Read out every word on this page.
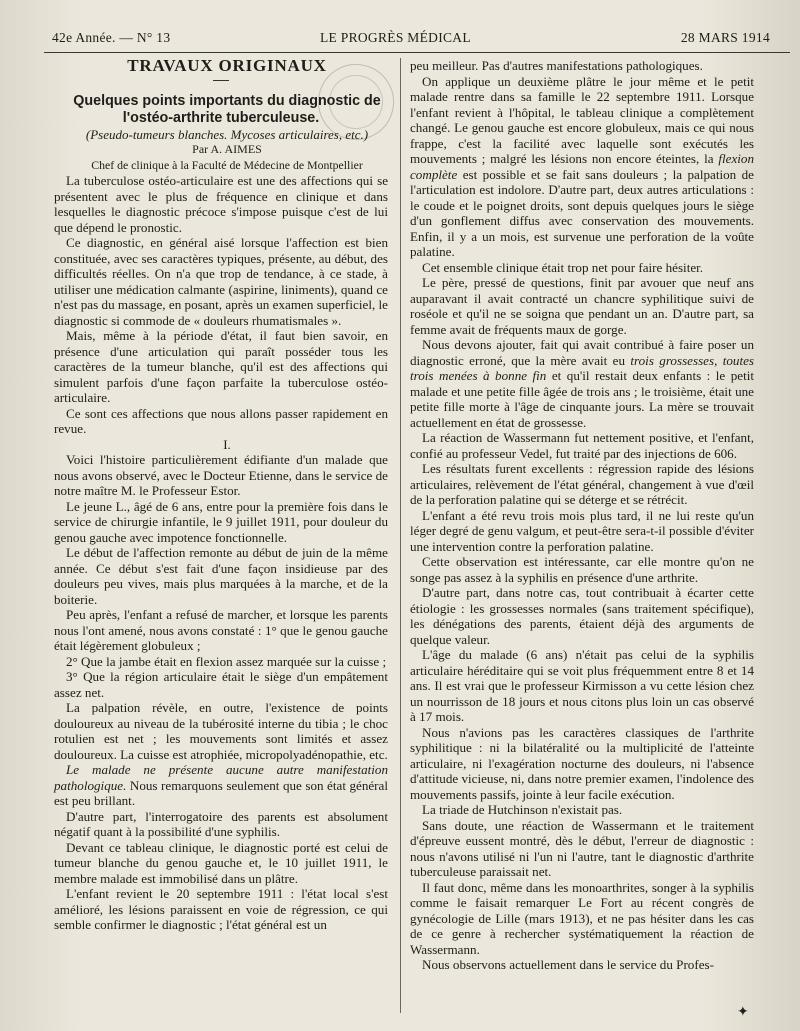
42e Année. — N° 13	LE PROGRÈS MÉDICAL	28 MARS 1914

TRAVAUX ORIGINAUX

Quelques points importants du diagnostic de
l'ostéo-arthrite tuberculeuse.

(Pseudo-tumeurs blanches. Mycoses articulaires, etc.)

Par A. AIMES

Chef de clinique à la Faculté de Médecine de Montpellier

La tuberculose ostéo-articulaire est une des affections qui se présentent avec le plus de fréquence en clinique et dans lesquelles le diagnostic précoce s'impose puisque c'est de lui que dépend le pronostic.

Ce diagnostic, en général aisé lorsque l'affection est bien constituée, avec ses caractères typiques, présente, au début, des difficultés réelles. On n'a que trop de tendance, à ce stade, à utiliser une médication calmante (aspirine, liniments), quand ce n'est pas du massage, en posant, après un examen superficiel, le diagnostic si commode de « douleurs rhumatismales ».

Mais, même à la période d'état, il faut bien savoir, en présence d'une articulation qui paraît posséder tous les caractères de la tumeur blanche, qu'il est des affections qui simulent parfois d'une façon parfaite la tuberculose ostéo-articulaire.

Ce sont ces affections que nous allons passer rapidement en revue.

I.

Voici l'histoire particulièrement édifiante d'un malade que nous avons observé, avec le Docteur Etienne, dans le service de notre maître M. le Professeur Estor.

Le jeune L., âgé de 6 ans, entre pour la première fois dans le service de chirurgie infantile, le 9 juillet 1911, pour douleur du genou gauche avec impotence fonctionnelle.

Le début de l'affection remonte au début de juin de la même année. Ce début s'est fait d'une façon insidieuse par des douleurs peu vives, mais plus marquées à la marche, et de la boiterie.

Peu après, l'enfant a refusé de marcher, et lorsque les parents nous l'ont amené, nous avons constaté : 1° que le genou gauche était légèrement globuleux ;

2° Que la jambe était en flexion assez marquée sur la cuisse ;

3° Que la région articulaire était le siège d'un empâtement assez net.

La palpation révèle, en outre, l'existence de points douloureux au niveau de la tubérosité interne du tibia ; le choc rotulien est net ; les mouvements sont limités et assez douloureux. La cuisse est atrophiée, micropolyadénopathie, etc.

Le malade ne présente aucune autre manifestation pathologique. Nous remarquons seulement que son état général est peu brillant.

D'autre part, l'interrogatoire des parents est absolument négatif quant à la possibilité d'une syphilis.

Devant ce tableau clinique, le diagnostic porté est celui de tumeur blanche du genou gauche et, le 10 juillet 1911, le membre malade est immobilisé dans un plâtre.

L'enfant revient le 20 septembre 1911 : l'état local s'est amélioré, les lésions paraissent en voie de régression, ce qui semble confirmer le diagnostic ; l'état général est un

peu meilleur. Pas d'autres manifestations pathologiques.

On applique un deuxième plâtre le jour même et le petit malade rentre dans sa famille le 22 septembre 1911. Lorsque l'enfant revient à l'hôpital, le tableau clinique a complètement changé. Le genou gauche est encore globuleux, mais ce qui nous frappe, c'est la facilité avec laquelle sont exécutés les mouvements ; malgré les lésions non encore éteintes, la flexion complète est possible et se fait sans douleurs ; la palpation de l'articulation est indolore. D'autre part, deux autres articulations : le coude et le poignet droits, sont depuis quelques jours le siège d'un gonflement diffus avec conservation des mouvements. Enfin, il y a un mois, est survenue une perforation de la voûte palatine.

Cet ensemble clinique était trop net pour faire hésiter.

Le père, pressé de questions, finit par avouer que neuf ans auparavant il avait contracté un chancre syphilitique suivi de roséole et qu'il ne se soigna que pendant un an. D'autre part, sa femme avait de fréquents maux de gorge.

Nous devons ajouter, fait qui avait contribué à faire poser un diagnostic erroné, que la mère avait eu trois grossesses, toutes trois menées à bonne fin et qu'il restait deux enfants : le petit malade et une petite fille âgée de trois ans ; le troisième, était une petite fille morte à l'âge de cinquante jours. La mère se trouvait actuellement en état de grossesse.

La réaction de Wassermann fut nettement positive, et l'enfant, confié au professeur Vedel, fut traité par des injections de 606.

Les résultats furent excellents : régression rapide des lésions articulaires, relèvement de l'état général, changement à vue d'œil de la perforation palatine qui se déterge et se rétrécit.

L'enfant a été revu trois mois plus tard, il ne lui reste qu'un léger degré de genu valgum, et peut-être sera-t-il possible d'éviter une intervention contre la perforation palatine.

Cette observation est intéressante, car elle montre qu'on ne songe pas assez à la syphilis en présence d'une arthrite.

D'autre part, dans notre cas, tout contribuait à écarter cette étiologie : les grossesses normales (sans traitement spécifique), les dénégations des parents, étaient déjà des arguments de quelque valeur.

L'âge du malade (6 ans) n'était pas celui de la syphilis articulaire héréditaire qui se voit plus fréquemment entre 8 et 14 ans. Il est vrai que le professeur Kirmisson a vu cette lésion chez un nourrisson de 18 jours et nous citons plus loin un cas observé à 17 mois.

Nous n'avions pas les caractères classiques de l'arthrite syphilitique : ni la bilatéralité ou la multiplicité de l'atteinte articulaire, ni l'exagération nocturne des douleurs, ni l'absence d'attitude vicieuse, ni, dans notre premier examen, l'indolence des mouvements passifs, jointe à leur facile exécution.

La triade de Hutchinson n'existait pas.

Sans doute, une réaction de Wassermann et le traitement d'épreuve eussent montré, dès le début, l'erreur de diagnostic : nous n'avons utilisé ni l'un ni l'autre, tant le diagnostic d'arthrite tuberculeuse paraissait net.

Il faut donc, même dans les monoarthrites, songer à la syphilis comme le faisait remarquer Le Fort au récent congrès de gynécologie de Lille (mars 1913), et ne pas hésiter dans les cas de ce genre à rechercher systématiquement la réaction de Wassermann.

Nous observons actuellement dans le service du Profes-

✦
